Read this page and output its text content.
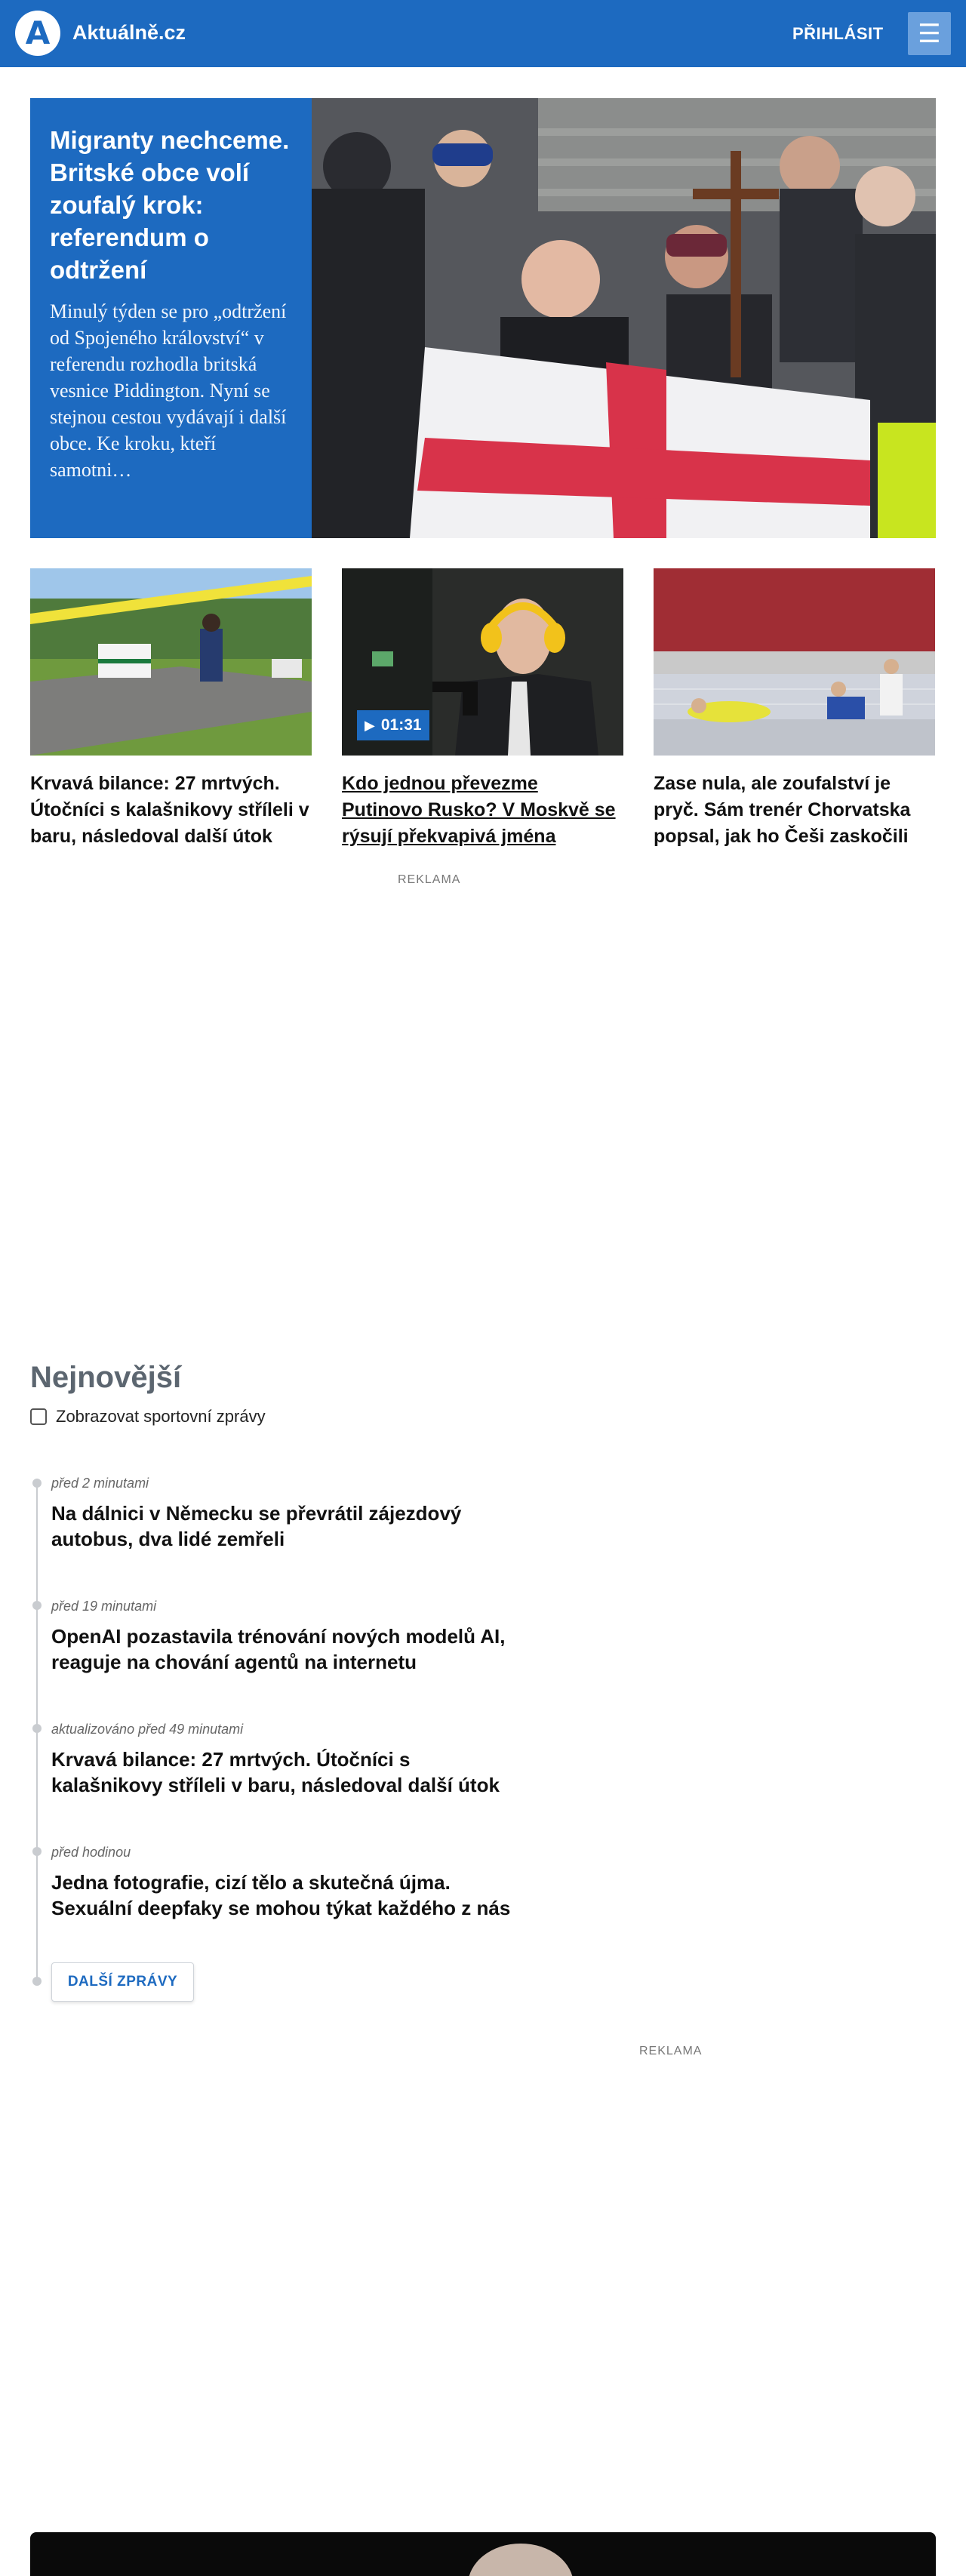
A Aktuálně.cz	PŘIHLÁSIT ☰
Migranty nechceme. Britské obce volí zoufalý krok: referendum o odtržení
Minulý týden se pro „odtržení od Spojeného království“ v referendu rozhodla britská vesnice Piddington. Nyní se stejnou cestou vydávají i další obce. Ke kroku, kteří samotni…
Krvavá bilance: 27 mrtvých. Útočníci s kalašnikovy stříleli v baru, následoval další útok
▶ 01:31
Kdo jednou převezme Putinovo Rusko? V Moskvě se rýsují překvapivá jména
Zase nula, ale zoufalství je pryč. Sám trenér Chorvatska popsal, jak ho Češi zaskočili
REKLAMA
REKLAMA
Nejnovější
Zobrazovat sportovní zprávy
před 2 minutami
Na dálnici v Německu se převrátil zájezdový autobus, dva lidé zemřeli
před 19 minutami
OpenAI pozastavila trénování nových modelů AI, reaguje na chování agentů na internetu
aktualizováno před 49 minutami
Krvavá bilance: 27 mrtvých. Útočníci s kalašnikovy stříleli v baru, následoval další útok
před hodinou
Jedna fotografie, cizí tělo a skutečná újma. Sexuální deepfaky se mohou týkat každého z nás
DALŠÍ ZPRÁVY
